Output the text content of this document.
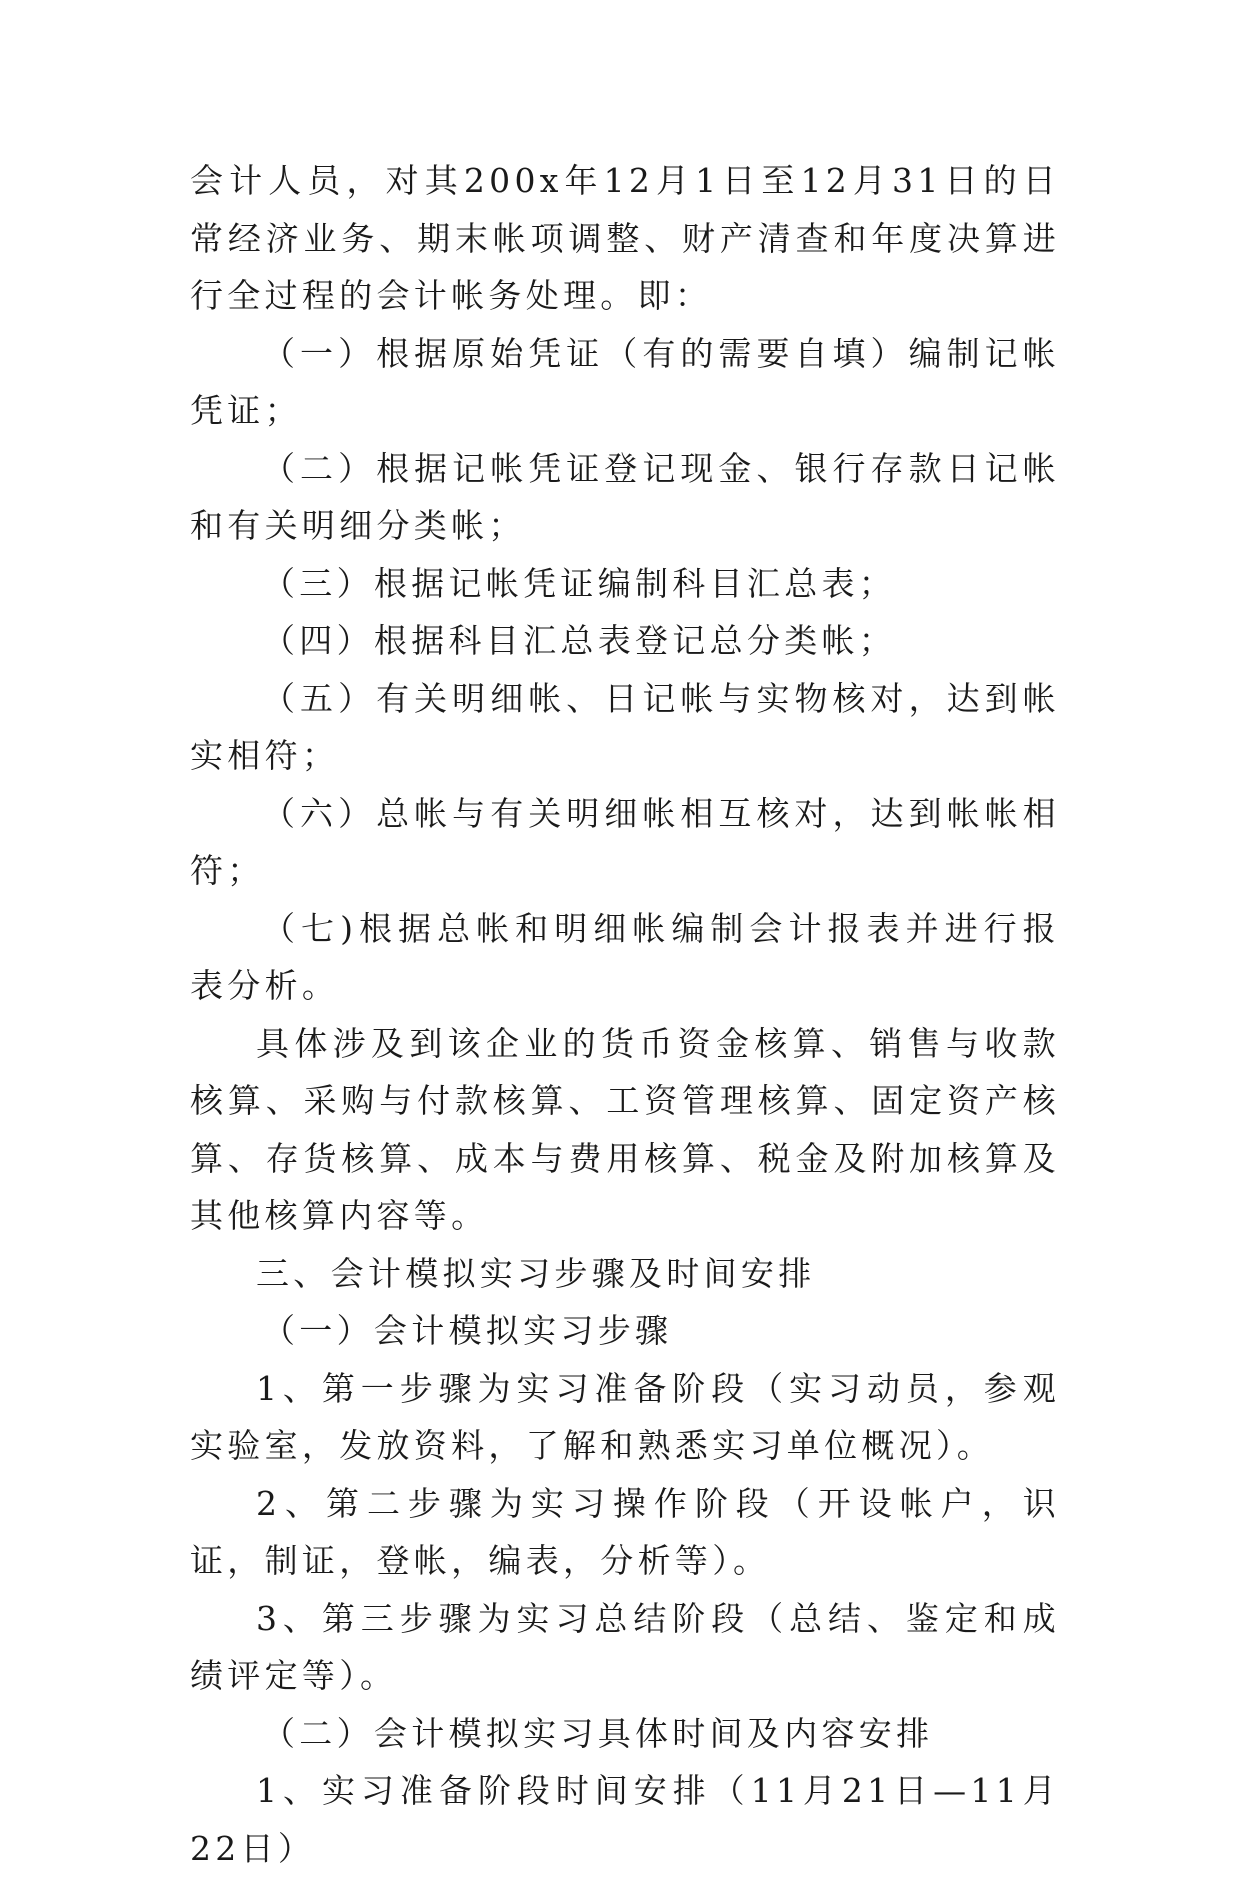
会计人员，对其200x年12月1日至12月31日的日常经济业务、期末帐项调整、财产清查和年度决算进行全过程的会计帐务处理。即：

（一）根据原始凭证（有的需要自填）编制记帐凭证；

（二）根据记帐凭证登记现金、银行存款日记帐和有关明细分类帐；

（三）根据记帐凭证编制科目汇总表；

（四）根据科目汇总表登记总分类帐；

（五）有关明细帐、日记帐与实物核对，达到帐实相符；

（六）总帐与有关明细帐相互核对，达到帐帐相符；

（七)根据总帐和明细帐编制会计报表并进行报表分析。

具体涉及到该企业的货币资金核算、销售与收款核算、采购与付款核算、工资管理核算、固定资产核算、存货核算、成本与费用核算、税金及附加核算及其他核算内容等。

三、会计模拟实习步骤及时间安排

（一）会计模拟实习步骤

1、第一步骤为实习准备阶段（实习动员，参观实验室，发放资料，了解和熟悉实习单位概况）。

2、第二步骤为实习操作阶段（开设帐户，识证，制证，登帐，编表，分析等）。

3、第三步骤为实习总结阶段（总结、鉴定和成绩评定等）。

（二）会计模拟实习具体时间及内容安排

1、实习准备阶段时间安排（11月21日—11月22日）
